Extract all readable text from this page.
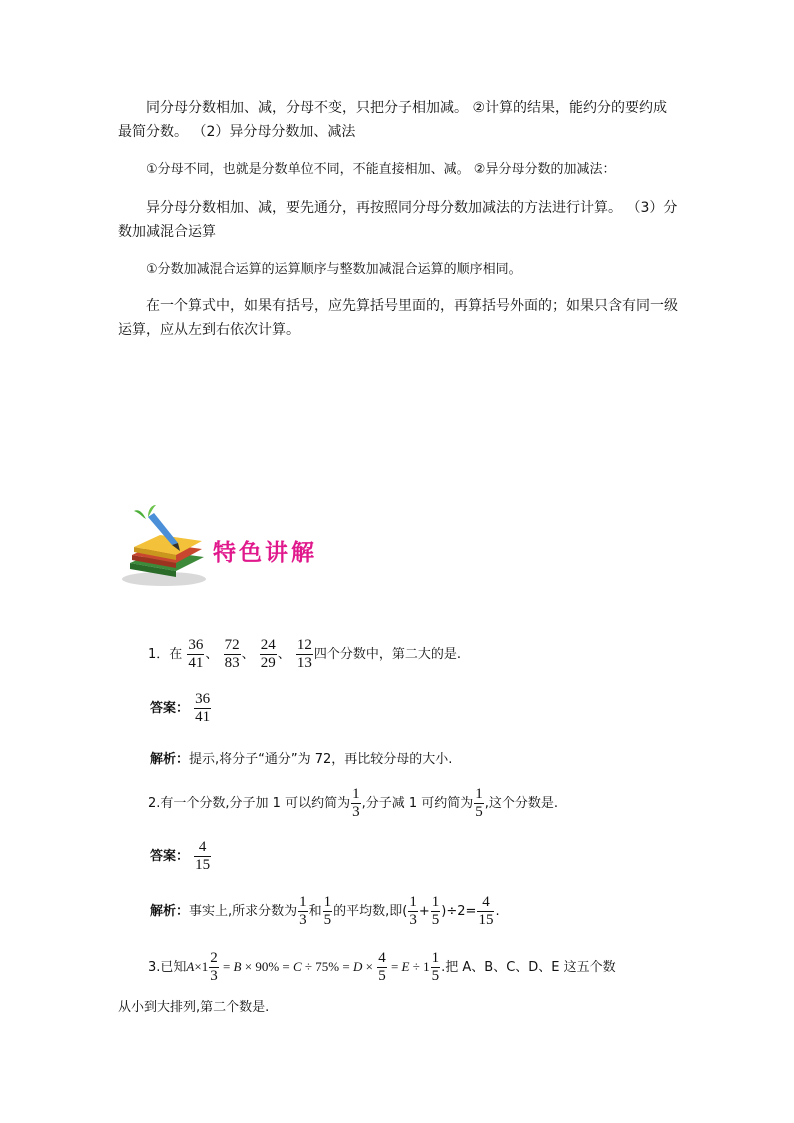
同分母分数相加、减，分母不变，只把分子相加减。 ②计算的结果，能约分的要约成最简分数。 （2）异分母分数加、减法

①分母不同，也就是分数单位不同，不能直接相加、减。 ②异分母分数的加减法：

异分母分数相加、减，要先通分，再按照同分母分数加减法的方法进行计算。 （3）分数加减混合运算

①分数加减混合运算的运算顺序与整数加减混合运算的顺序相同。

在一个算式中，如果有括号，应先算括号里面的，再算括号外面的；如果只含有同一级运算，应从左到右依次计算。

特色讲解
1．在 $\frac{36}{41}$ 、 $\frac{72}{83}$ 、 $\frac{24}{29}$ 、 $\frac{12}{13}$ 四个分数中，第二大的是.
答案： $\frac{36}{41}$
解析：提示,将分子“通分”为 72，再比较分母的大小.
2.有一个分数,分子加 1 可以约简为 $\frac{1}{3}$ ,分子减 1 可约简为 $\frac{1}{5}$ ,这个分数是.
答案： $\frac{4}{15}$
解析：事实上,所求分数为 $\frac{1}{3}$ 和 $\frac{1}{5}$ 的平均数,即( $\frac{1}{3} + \frac{1}{5} )\div 2= \frac{4}{15}$ .
3.已知$A\times 1 \frac{2}{3} = B \times 90\% = C \div 75\% = D \times \frac{4}{5} = E \div 1 \frac{1}{5}$ .把 A、B、C、D、E 这五个数
从小到大排列,第二个数是.
